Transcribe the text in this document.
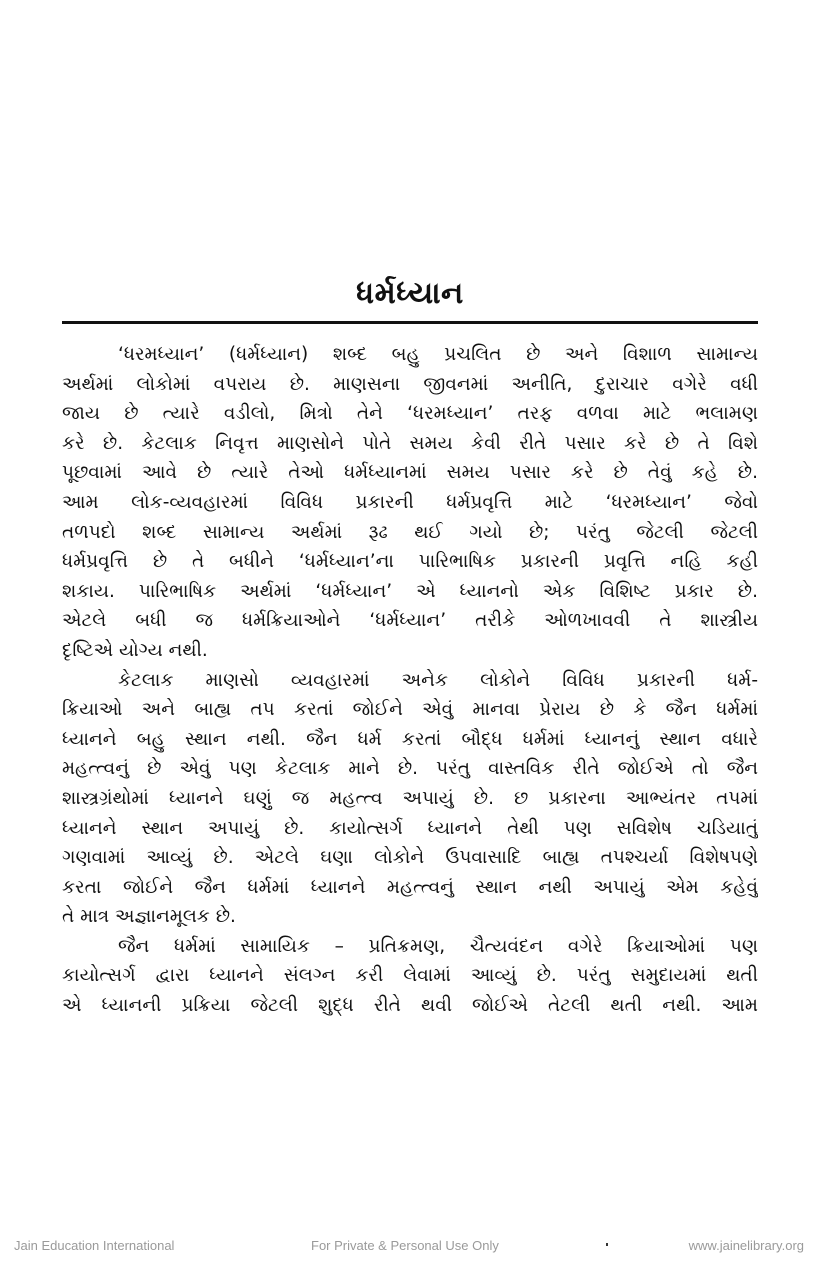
ધર્મધ્યાન
‘ધરમધ્યાન’ (ધર્મધ્યાન) શબ્દ બહુ પ્રચલિત છે અને વિશાળ સામાન્ય
અર્થમાં લોકોમાં વપરાય છે. માણસના જીવનમાં અનીતિ, દુરાચાર વગેરે વધી
જાય છે ત્યારે વડીલો, મિત્રો તેને ‘ધરમધ્યાન’ તરફ વળવા માટે ભલામણ
કરે છે. કેટલાક નિવૃત્ત માણસોને પોતે સમય કેવી રીતે પસાર કરે છે તે વિશે
પૂછવામાં આવે છે ત્યારે તેઓ ધર્મધ્યાનમાં સમય પસાર કરે છે તેવું કહે છે.
આમ લોક-વ્યવહારમાં વિવિધ પ્રકારની ધર્મપ્રવૃત્તિ માટે ‘ધરમધ્યાન’ જેવો
તળપદો શબ્દ સામાન્ય અર્થમાં રૂઢ થઈ ગયો છે; પરંતુ જેટલી જેટલી
ધર્મપ્રવૃત્તિ છે તે બધીને ‘ધર્મધ્યાન’ના પારિભાષિક પ્રકારની પ્રવૃત્તિ નહિ કહી
શકાય. પારિભાષિક અર્થમાં ‘ધર્મધ્યાન’ એ ધ્યાનનો એક વિશિષ્ટ પ્રકાર છે.
એટલે બધી જ ધર્મક્રિયાઓને ‘ધર્મધ્યાન’ તરીકે ઓળખાવવી તે શાસ્ત્રીય
દૃષ્ટિએ યોગ્ય નથી.
કેટલાક માણસો વ્યવહારમાં અનેક લોકોને વિવિધ પ્રકારની ધર્મ-
ક્રિયાઓ અને બાહ્ય તપ કરતાં જોઈને એવું માનવા પ્રેરાય છે કે જૈન ધર્મમાં
ધ્યાનને બહુ સ્થાન નથી. જૈન ધર્મ કરતાં બૌદ્ધ ધર્મમાં ધ્યાનનું સ્થાન વધારે
મહત્ત્વનું છે એવું પણ કેટલાક માને છે. પરંતુ વાસ્તવિક રીતે જોઈએ તો જૈન
શાસ્ત્રગ્રંથોમાં ધ્યાનને ઘણું જ મહત્ત્વ અપાયું છે. છ પ્રકારના આભ્યંતર તપમાં
ધ્યાનને સ્થાન અપાયું છે. કાયોત્સર્ગ ધ્યાનને તેથી પણ સવિશેષ ચડિયાતું
ગણવામાં આવ્યું છે. એટલે ઘણા લોકોને ઉપવાસાદિ બાહ્ય તપશ્ચર્યા વિશેષપણે
કરતા જોઈને જૈન ધર્મમાં ધ્યાનને મહત્ત્વનું સ્થાન નથી અપાયું એમ કહેવું
તે માત્ર અજ્ઞાનમૂલક છે.
જૈન ધર્મમાં સામાયિક – પ્રતિક્રમણ, ચૈત્યવંદન વગેરે ક્રિયાઓમાં પણ
કાયોત્સર્ગ દ્વારા ધ્યાનને સંલગ્ન કરી લેવામાં આવ્યું છે. પરંતુ સમુદાયમાં થતી
એ ધ્યાનની પ્રક્રિયા જેટલી શુદ્ધ રીતે થવી જોઈએ તેટલી થતી નથી. આમ
Jain Education International	For Private & Personal Use Only	www.jainelibrary.org
